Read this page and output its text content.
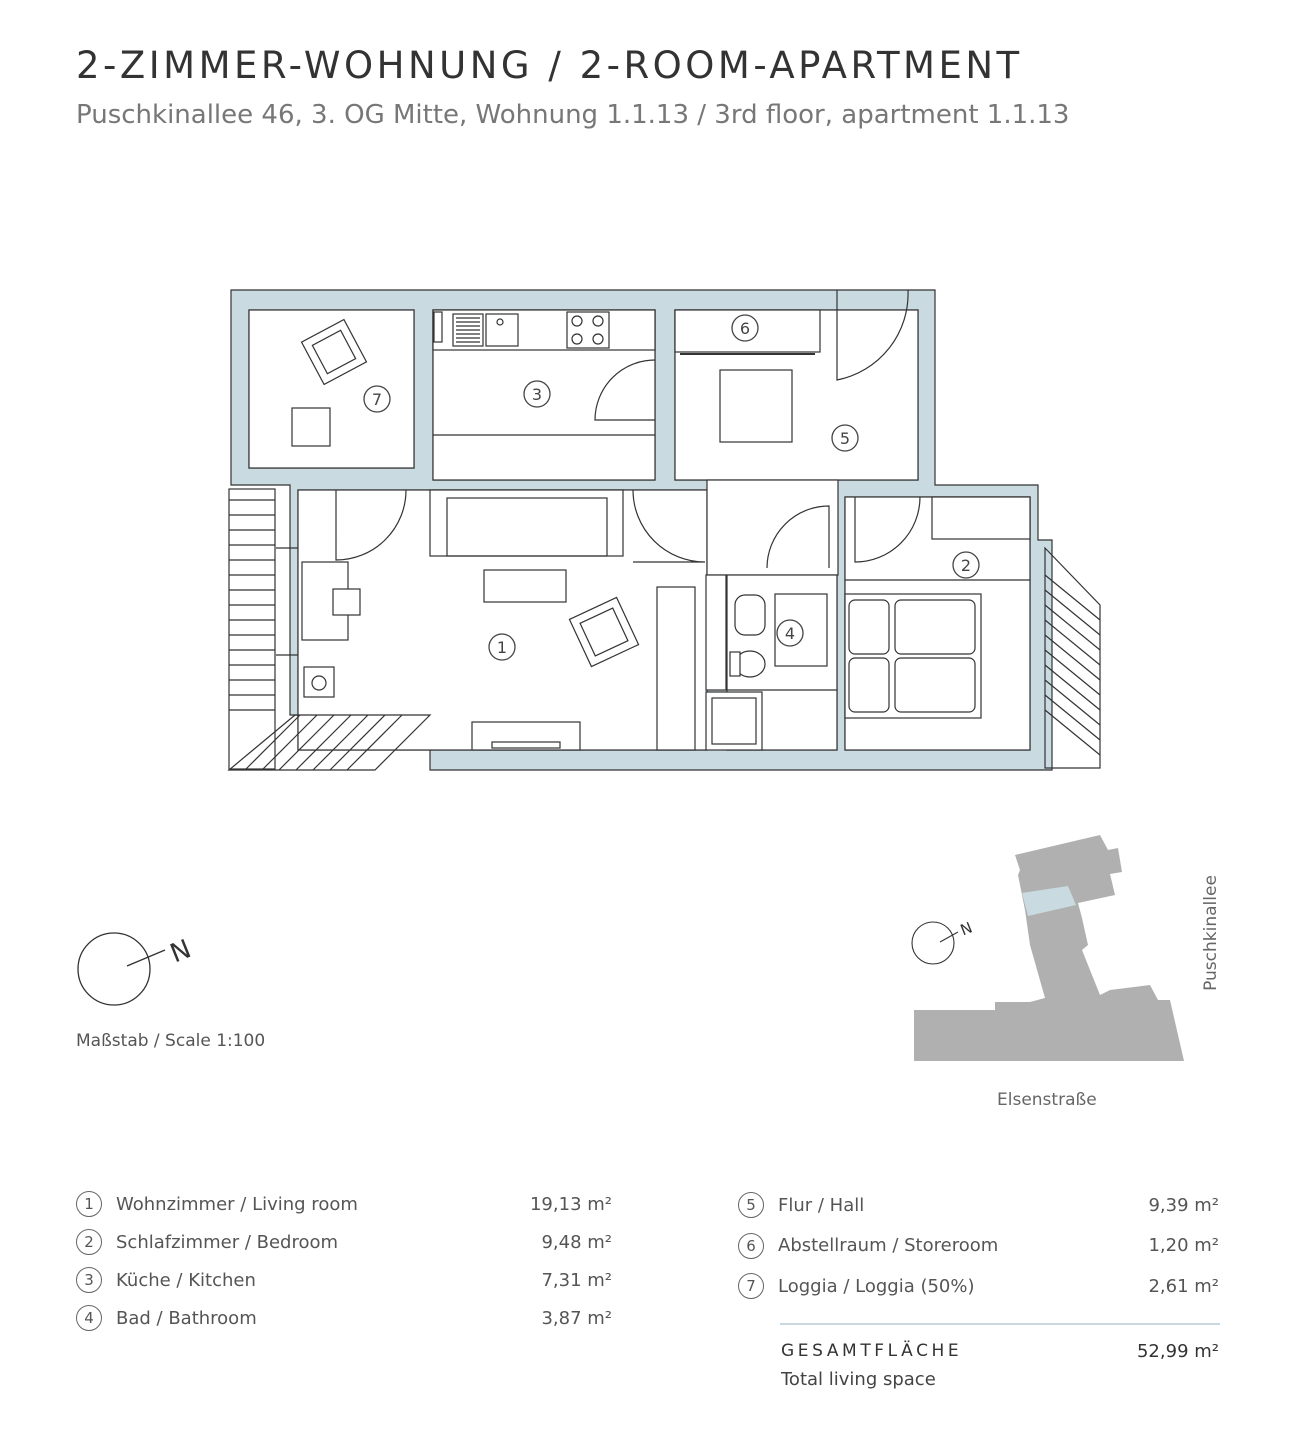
2-ZIMMER-WOHNUNG / 2-ROOM-APARTMENT
Puschkinallee 46, 3. OG Mitte, Wohnung 1.1.13 / 3rd floor, apartment 1.1.13
1
2
3
4
5
6
7
N
N
Maßstab / Scale 1:100
Elsenstraße
Puschkinallee
1	Wohnzimmer / Living room	19,13 m²
2	Schlafzimmer / Bedroom	9,48 m²
3	Küche / Kitchen	7,31 m²
4	Bad / Bathroom	3,87 m²
5	Flur / Hall	9,39 m²
6	Abstellraum / Storeroom	1,20 m²
7	Loggia / Loggia (50%)	2,61 m²
GESAMTFLÄCHE
Total living space
52,99 m²
